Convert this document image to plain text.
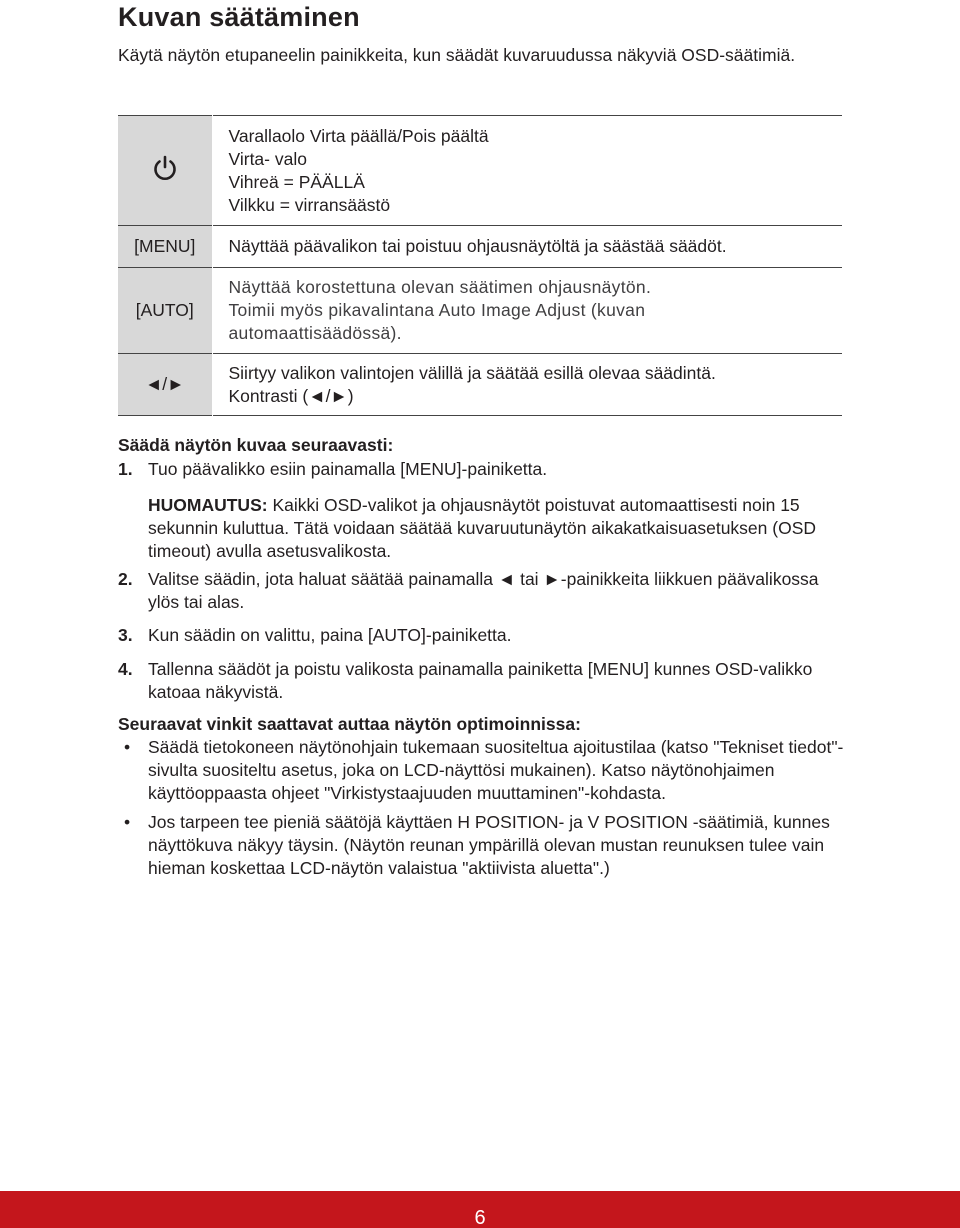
Kuvan säätäminen
Käytä näytön etupaneelin painikkeita, kun säädät kuvaruudussa näkyviä OSD-säätimiä.

Varallaolo Virta päällä/Pois päältä
Virta- valo
Vihreä = PÄÄLLÄ
Vilkku = virransäästö

[MENU]	Näyttää päävalikon tai poistuu ohjausnäytöltä ja säästää säädöt.

[AUTO]	Näyttää korostettuna olevan säätimen ohjausnäytön.
Toimii myös pikavalintana Auto Image Adjust (kuvan
automaattisäädössä).

◄/►	Siirtyy valikon valintojen välillä ja säätää esillä olevaa säädintä.
Kontrasti (◄/►)
Säädä näytön kuvaa seuraavasti:
1. Tuo päävalikko esiin painamalla [MENU]-painiketta.
HUOMAUTUS: Kaikki OSD-valikot ja ohjausnäytöt poistuvat automaattisesti noin 15 sekunnin kuluttua. Tätä voidaan säätää kuvaruutunäytön aikakatkaisuasetuksen (OSD timeout) avulla asetusvalikosta.
2. Valitse säädin, jota haluat säätää painamalla ◄ tai ►-painikkeita liikkuen päävalikossa ylös tai alas.
3. Kun säädin on valittu, paina [AUTO]-painiketta.
4. Tallenna säädöt ja poistu valikosta painamalla painiketta [MENU] kunnes OSD-valikko katoaa näkyvistä.
Seuraavat vinkit saattavat auttaa näytön optimoinnissa:
• Säädä tietokoneen näytönohjain tukemaan suositeltua ajoitustilaa (katso "Tekniset tiedot"-sivulta suositeltu asetus, joka on LCD-näyttösi mukainen). Katso näytönohjaimen käyttöoppaasta ohjeet "Virkistystaajuuden muuttaminen"-kohdasta.
• Jos tarpeen tee pieniä säätöjä käyttäen H POSITION- ja V POSITION -säätimiä, kunnes näyttökuva näkyy täysin. (Näytön reunan ympärillä olevan mustan reunuksen tulee vain hieman koskettaa LCD-näytön valaistua "aktiivista aluetta".)
6
